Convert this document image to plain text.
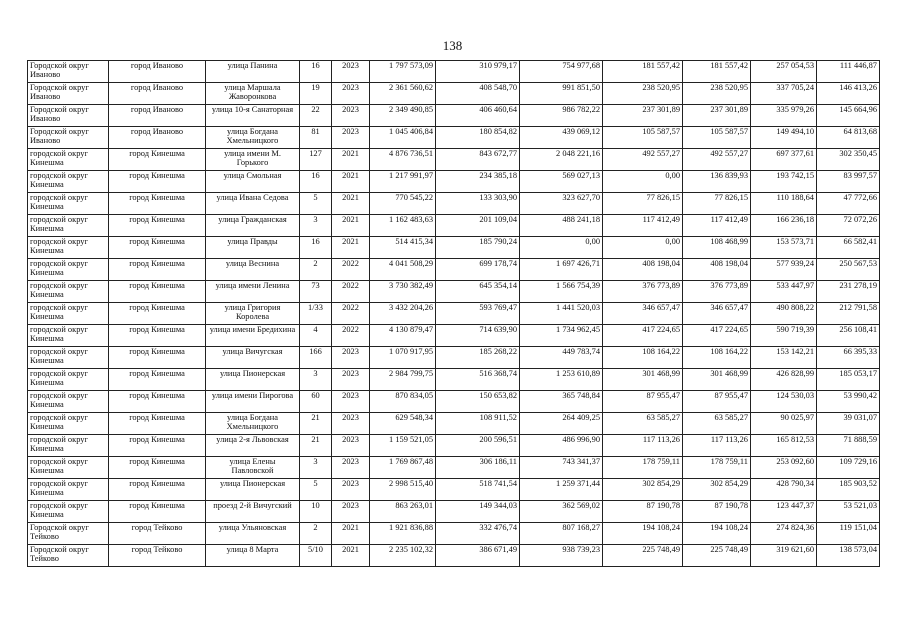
138
Городской округ Иваново	город Иваново	улица Панина	16	2023	1 797 573,09	310 979,17	754 977,68	181 557,42	181 557,42	257 054,53	111 446,87
Городской округ Иваново	город Иваново	улица Маршала Жаворонкова	19	2023	2 361 560,62	408 548,70	991 851,50	238 520,95	238 520,95	337 705,24	146 413,26
Городской округ Иваново	город Иваново	улица 10-я Санаторная	22	2023	2 349 490,85	406 460,64	986 782,22	237 301,89	237 301,89	335 979,26	145 664,96
Городской округ Иваново	город Иваново	улица Богдана Хмельницкого	81	2023	1 045 406,84	180 854,82	439 069,12	105 587,57	105 587,57	149 494,10	64 813,68
городской округ Кинешма	город Кинешма	улица имени М. Горького	127	2021	4 876 736,51	843 672,77	2 048 221,16	492 557,27	492 557,27	697 377,61	302 350,45
городской округ Кинешма	город Кинешма	улица Смольная	16	2021	1 217 991,97	234 385,18	569 027,13	0,00	136 839,93	193 742,15	83 997,57
городской округ Кинешма	город Кинешма	улица Ивана Седова	5	2021	770 545,22	133 303,90	323 627,70	77 826,15	77 826,15	110 188,64	47 772,66
городской округ Кинешма	город Кинешма	улица Гражданская	3	2021	1 162 483,63	201 109,04	488 241,18	117 412,49	117 412,49	166 236,18	72 072,26
городской округ Кинешма	город Кинешма	улица Правды	16	2021	514 415,34	185 790,24	0,00	0,00	108 468,99	153 573,71	66 582,41
городской округ Кинешма	город Кинешма	улица Веснина	2	2022	4 041 508,29	699 178,74	1 697 426,71	408 198,04	408 198,04	577 939,24	250 567,53
городской округ Кинешма	город Кинешма	улица имени Ленина	73	2022	3 730 382,49	645 354,14	1 566 754,39	376 773,89	376 773,89	533 447,97	231 278,19
городской округ Кинешма	город Кинешма	улица Григория Королева	1/33	2022	3 432 204,26	593 769,47	1 441 520,03	346 657,47	346 657,47	490 808,22	212 791,58
городской округ Кинешма	город Кинешма	улица имени Бредихина	4	2022	4 130 879,47	714 639,90	1 734 962,45	417 224,65	417 224,65	590 719,39	256 108,41
городской округ Кинешма	город Кинешма	улица Вичугская	166	2023	1 070 917,95	185 268,22	449 783,74	108 164,22	108 164,22	153 142,21	66 395,33
городской округ Кинешма	город Кинешма	улица Пионерская	3	2023	2 984 799,75	516 368,74	1 253 610,89	301 468,99	301 468,99	426 828,99	185 053,17
городской округ Кинешма	город Кинешма	улица имени Пирогова	60	2023	870 834,05	150 653,82	365 748,84	87 955,47	87 955,47	124 530,03	53 990,42
городской округ Кинешма	город Кинешма	улица Богдана Хмельницкого	21	2023	629 548,34	108 911,52	264 409,25	63 585,27	63 585,27	90 025,97	39 031,07
городской округ Кинешма	город Кинешма	улица 2-я Львовская	21	2023	1 159 521,05	200 596,51	486 996,90	117 113,26	117 113,26	165 812,53	71 888,59
городской округ Кинешма	город Кинешма	улица Елены Павловской	3	2023	1 769 867,48	306 186,11	743 341,37	178 759,11	178 759,11	253 092,60	109 729,16
городской округ Кинешма	город Кинешма	улица Пионерская	5	2023	2 998 515,40	518 741,54	1 259 371,44	302 854,29	302 854,29	428 790,34	185 903,52
городской округ Кинешма	город Кинешма	проезд 2-й Вичугский	10	2023	863 263,01	149 344,03	362 569,02	87 190,78	87 190,78	123 447,37	53 521,03
Городской округ Тейково	город Тейково	улица Ульяновская	2	2021	1 921 836,88	332 476,74	807 168,27	194 108,24	194 108,24	274 824,36	119 151,04
Городской округ Тейково	город Тейково	улица 8 Марта	5/10	2021	2 235 102,32	386 671,49	938 739,23	225 748,49	225 748,49	319 621,60	138 573,04
